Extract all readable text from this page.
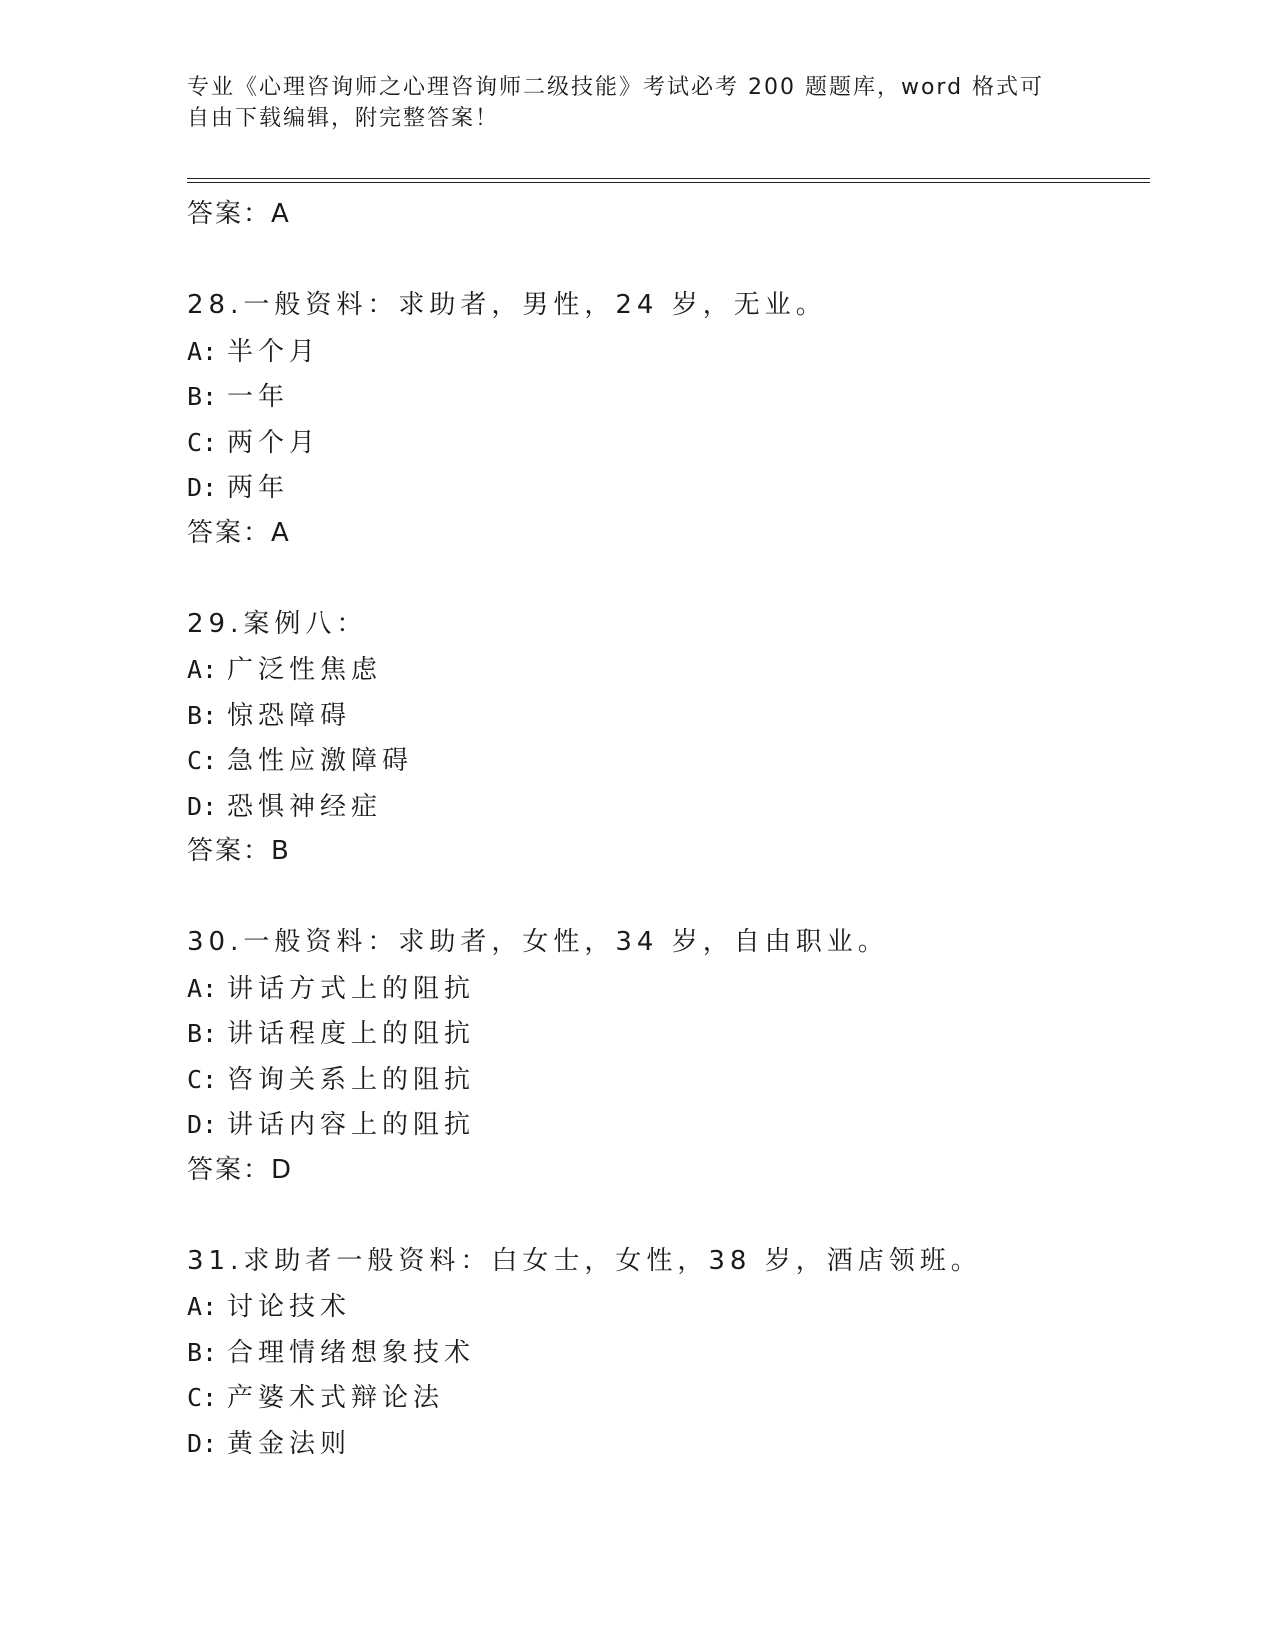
专业《心理咨询师之心理咨询师二级技能》考试必考 200 题题库，word 格式可自由下载编辑，附完整答案！
答案：A
28.一般资料：求助者，男性，24 岁，无业。
A: 半个月
B: 一年
C: 两个月
D: 两年
答案：A
29.案例八：
A: 广泛性焦虑
B: 惊恐障碍
C: 急性应激障碍
D: 恐惧神经症
答案：B
30.一般资料：求助者，女性，34 岁，自由职业。
A: 讲话方式上的阻抗
B: 讲话程度上的阻抗
C: 咨询关系上的阻抗
D: 讲话内容上的阻抗
答案：D
31.求助者一般资料：白女士，女性，38 岁，酒店领班。
A: 讨论技术
B: 合理情绪想象技术
C: 产婆术式辩论法
D: 黄金法则
